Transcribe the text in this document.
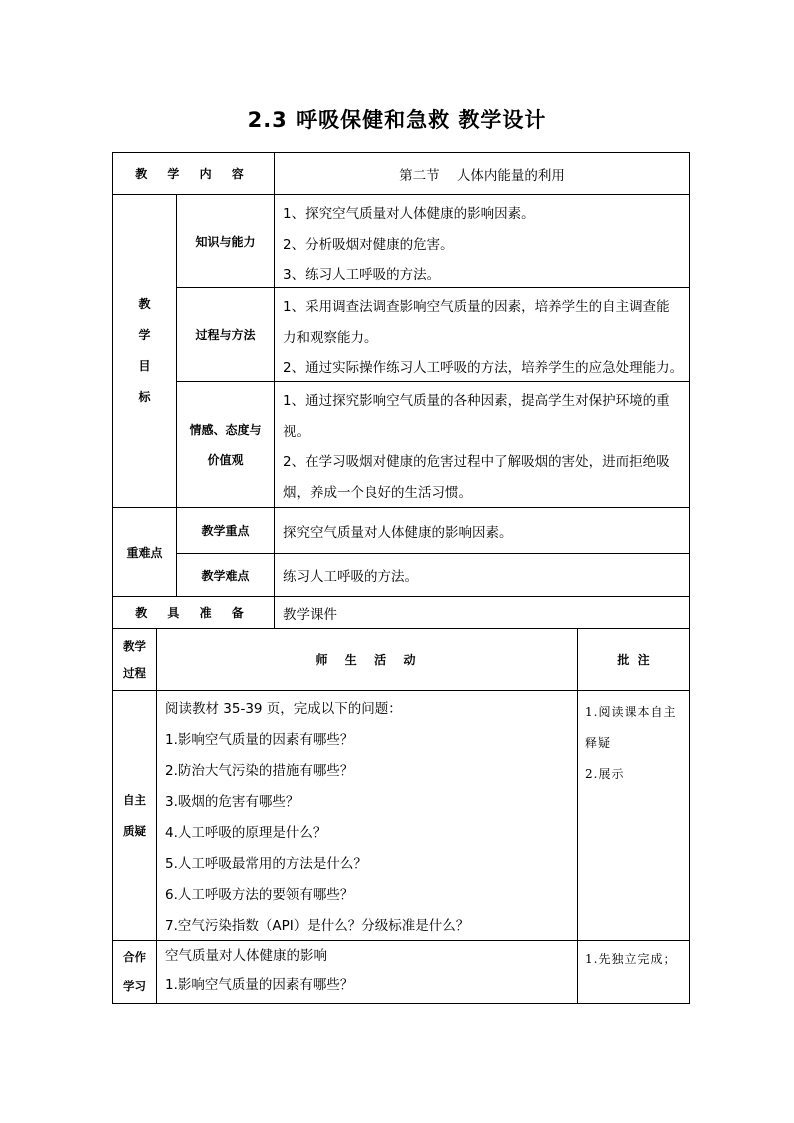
2.3 呼吸保健和急救 教学设计
教 学 内 容	第二节    人体内能量的利用
教
学
目
标
知识与能力
1、探究空气质量对人体健康的影响因素。
2、分析吸烟对健康的危害。
3、练习人工呼吸的方法。
过程与方法
1、采用调查法调查影响空气质量的因素，培养学生的自主调查能
力和观察能力。
2、通过实际操作练习人工呼吸的方法，培养学生的应急处理能力。
情感、态度与
价值观
1、通过探究影响空气质量的各种因素，提高学生对保护环境的重
视。
2、在学习吸烟对健康的危害过程中了解吸烟的害处，进而拒绝吸
烟，养成一个良好的生活习惯。
重难点
教学重点 探究空气质量对人体健康的影响因素。
教学难点 练习人工呼吸的方法。
教 具 准 备 教学课件
教学
过程
师  生  活  动	批  注
自主
质疑
阅读教材 35-39 页，完成以下的问题：
1.影响空气质量的因素有哪些？
2.防治大气污染的措施有哪些？
3.吸烟的危害有哪些？
4.人工呼吸的原理是什么？
5.人工呼吸最常用的方法是什么？
6.人工呼吸方法的要领有哪些？
7.空气污染指数（API）是什么？分级标准是什么？
1.阅读课本自主
释疑
2.展示
合作
学习
空气质量对人体健康的影响
1.影响空气质量的因素有哪些？
1.先独立完成；
